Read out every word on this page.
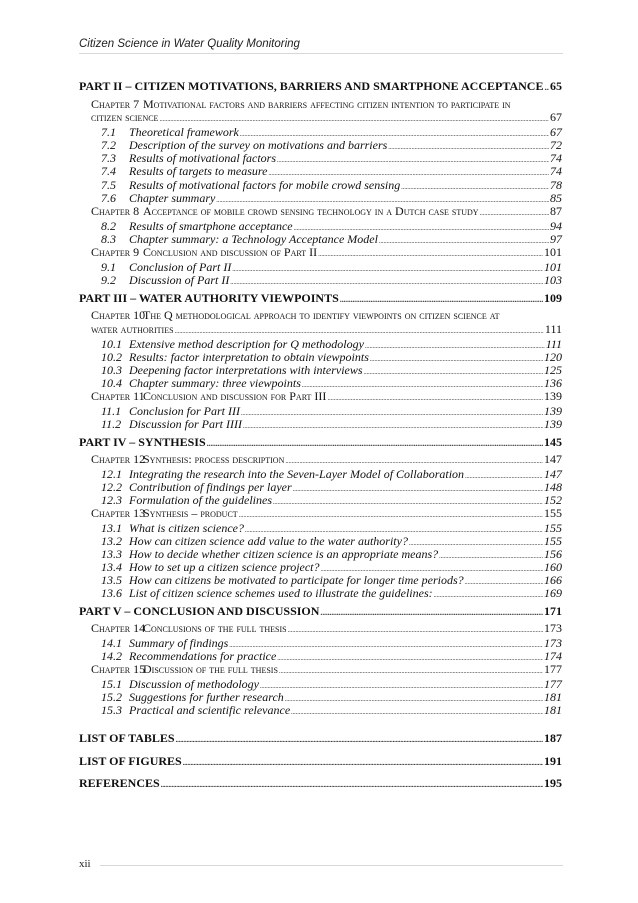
Citizen Science in Water Quality Monitoring
PART II – CITIZEN MOTIVATIONS, BARRIERS AND SMARTPHONE ACCEPTANCE ..... 65
Chapter 7 Motivational factors and barriers affecting citizen intention to participate in
citizen science .....	67
7.1 Theoretical framework .....	67
7.2 Description of the survey on motivations and barriers .....	72
7.3 Results of motivational factors .....	74
7.4 Results of targets to measure .....	74
7.5 Results of motivational factors for mobile crowd sensing .....	78
7.6 Chapter summary .....	85
Chapter 8 Acceptance of mobile crowd sensing technology in a Dutch case study .....	87
8.2 Results of smartphone acceptance .....	94
8.3 Chapter summary: a Technology Acceptance Model .....	97
Chapter 9 Conclusion and discussion of Part II .....	101
9.1 Conclusion of Part II .....	101
9.2 Discussion of Part II .....	103
PART III – WATER AUTHORITY VIEWPOINTS .....	109
Chapter 10The Q methodological approach to identify viewpoints on citizen science at
water authorities .....	111
10.1 Extensive method description for Q methodology .....	111
10.2 Results: factor interpretation to obtain viewpoints .....	120
10.3 Deepening factor interpretations with interviews .....	125
10.4 Chapter summary: three viewpoints .....	136
Chapter 11Conclusion and discussion for Part III .....	139
11.1 Conclusion for Part III .....	139
11.2 Discussion for Part IIII .....	139
PART IV – SYNTHESIS .....	145
Chapter 12Synthesis: process description .....	147
12.1 Integrating the research into the Seven-Layer Model of Collaboration .....	147
12.2 Contribution of findings per layer .....	148
12.3 Formulation of the guidelines .....	152
Chapter 13Synthesis – product .....	155
13.1 What is citizen science? .....	155
13.2 How can citizen science add value to the water authority? .....	155
13.3 How to decide whether citizen science is an appropriate means? .....	156
13.4 How to set up a citizen science project? .....	160
13.5 How can citizens be motivated to participate for longer time periods? .....	166
13.6 List of citizen science schemes used to illustrate the guidelines: .....	169
PART V – CONCLUSION AND DISCUSSION .....	171
Chapter 14Conclusions of the full thesis .....	173
14.1 Summary of findings .....	173
14.2 Recommendations for practice .....	174
Chapter 15Discussion of the full thesis .....	177
15.1 Discussion of methodology .....	177
15.2 Suggestions for further research .....	181
15.3 Practical and scientific relevance .....	181
LIST OF TABLES .....	187
LIST OF FIGURES .....	191
REFERENCES .....	195
xii
